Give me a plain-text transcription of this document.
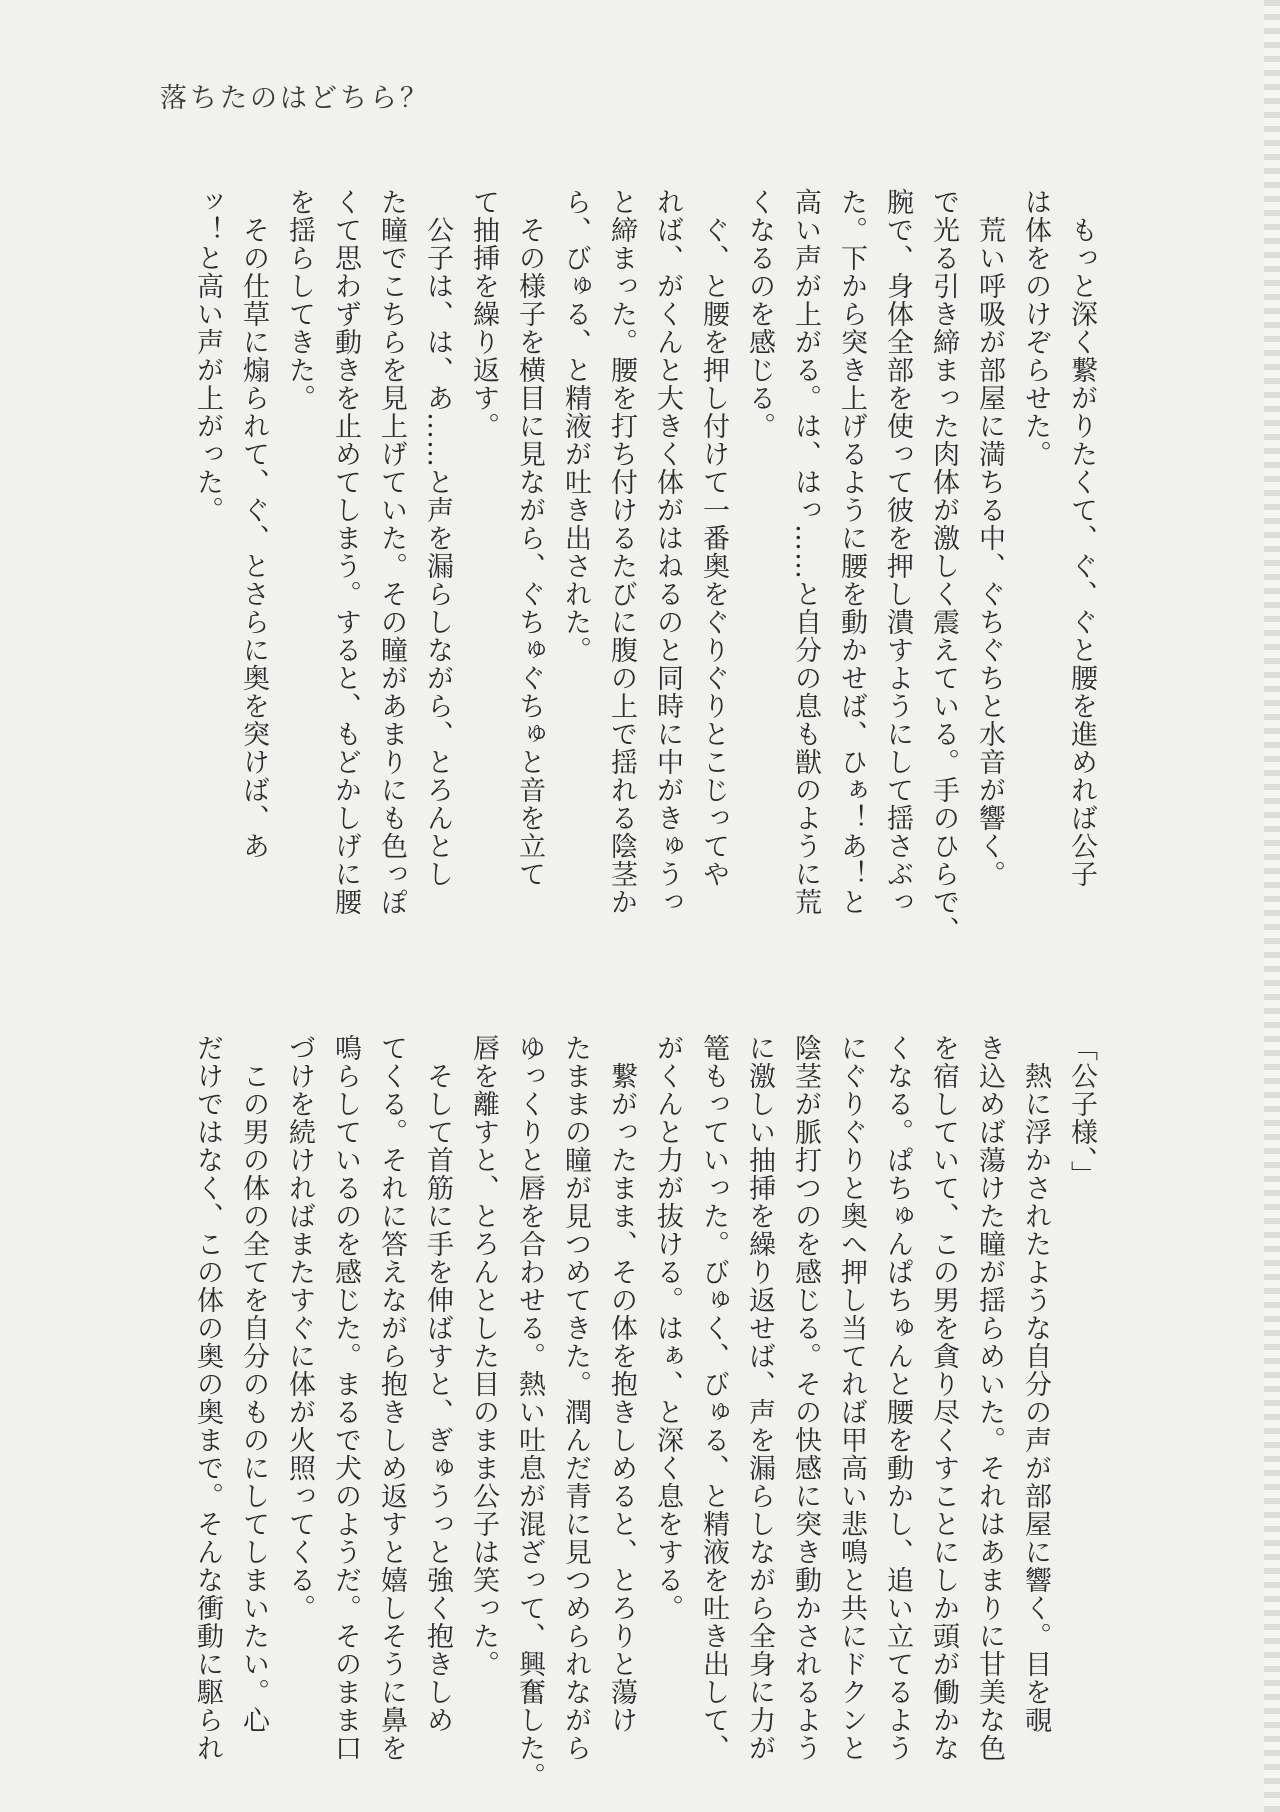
落ちたのはどちら？

　もっと深く繋がりたくて、ぐ、ぐと腰を進めれば公子

は体をのけぞらせた。

　荒い呼吸が部屋に満ちる中、ぐちぐちと水音が響く。

で光る引き締まった肉体が激しく震えている。手のひらで、

腕で、身体全部を使って彼を押し潰すようにして揺さぶっ

た。下から突き上げるように腰を動かせば、ひぁ！あ！と

高い声が上がる。は、はっ……と自分の息も獣のように荒

くなるのを感じる。

　ぐ、と腰を押し付けて一番奥をぐりぐりとこじってや

れば、がくんと大きく体がはねるのと同時に中がきゅうっ

と締まった。腰を打ち付けるたびに腹の上で揺れる陰茎か

ら、びゅる、と精液が吐き出された。

　その様子を横目に見ながら、ぐちゅぐちゅと音を立て

て抽挿を繰り返す。

　公子は、は、あ……と声を漏らしながら、とろんとし

た瞳でこちらを見上げていた。その瞳があまりにも色っぽ

くて思わず動きを止めてしまう。すると、もどかしげに腰

を揺らしてきた。

　その仕草に煽られて、ぐ、とさらに奥を突けば、あ

ッ！と高い声が上がった。

「公子様、」

　熱に浮かされたような自分の声が部屋に響く。目を覗

き込めば蕩けた瞳が揺らめいた。それはあまりに甘美な色

を宿していて、この男を貪り尽くすことにしか頭が働かな

くなる。ぱちゅんぱちゅんと腰を動かし、追い立てるよう

にぐりぐりと奥へ押し当てれば甲高い悲鳴と共にドクンと

陰茎が脈打つのを感じる。その快感に突き動かされるよう

に激しい抽挿を繰り返せば、声を漏らしながら全身に力が

篭もっていった。びゅく、びゅる、と精液を吐き出して、

がくんと力が抜ける。はぁ、と深く息をする。

　繋がったまま、その体を抱きしめると、とろりと蕩け

たままの瞳が見つめてきた。潤んだ青に見つめられながら

ゆっくりと唇を合わせる。熱い吐息が混ざって、興奮した。

唇を離すと、とろんとした目のまま公子は笑った。

　そして首筋に手を伸ばすと、ぎゅうっと強く抱きしめ

てくる。それに答えながら抱きしめ返すと嬉しそうに鼻を

鳴らしているのを感じた。まるで犬のようだ。そのまま口

づけを続ければまたすぐに体が火照ってくる。

　この男の体の全てを自分のものにしてしまいたい。心

だけではなく、この体の奥の奥まで。そんな衝動に駆られ
